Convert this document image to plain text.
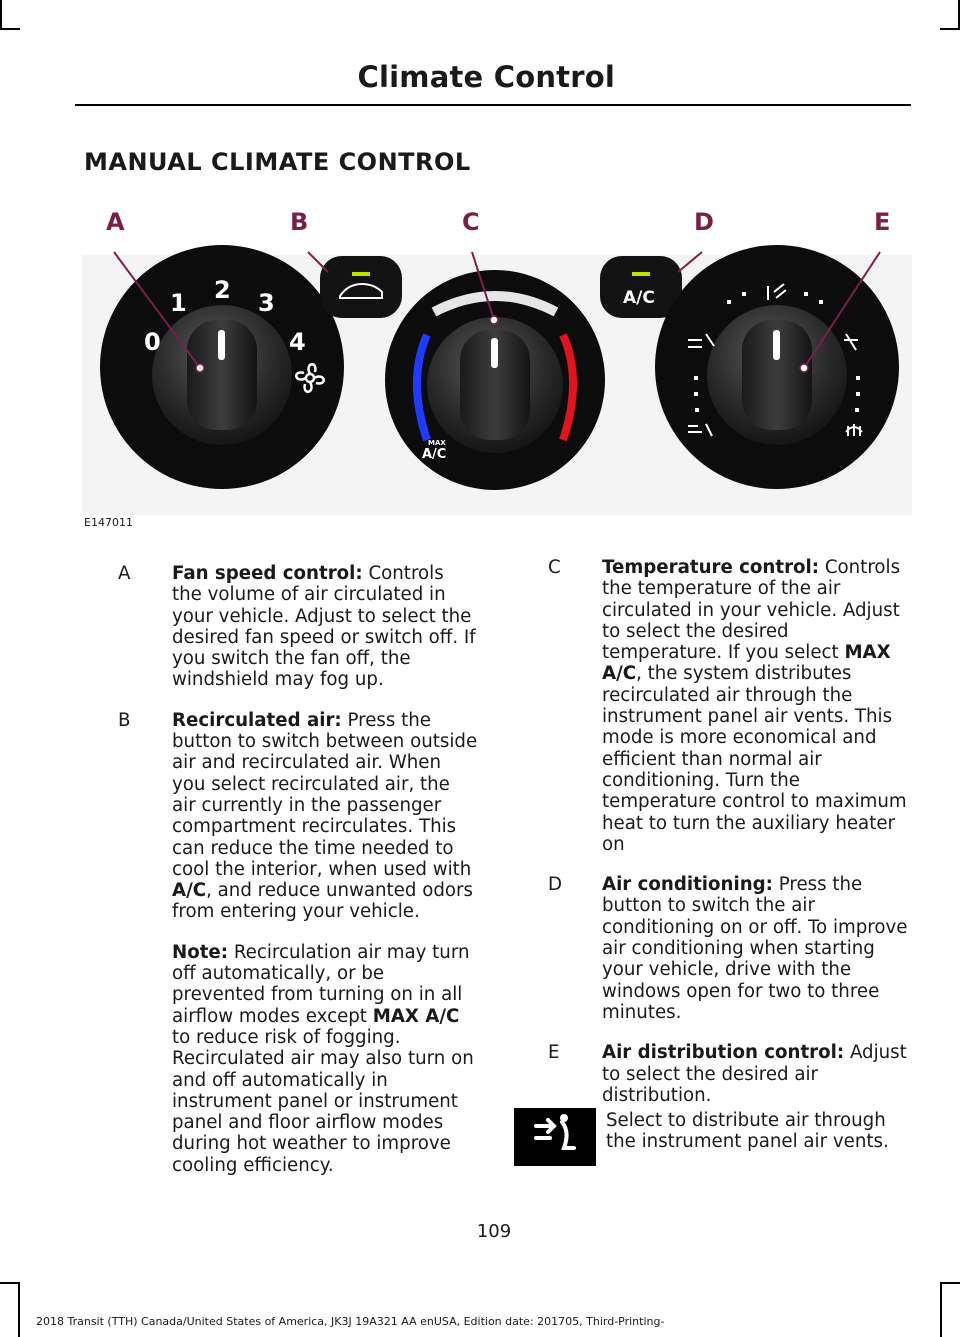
Climate Control
MANUAL CLIMATE CONTROL
0
1 2 3
4
MAX
A/C
A/C
A	B	C	D	E
E147011
A Fan speed control: Controls the volume of air circulated in your vehicle. Adjust to select the desired fan speed or switch off. If you switch the fan off, the windshield may fog up.
B Recirculated air: Press the button to switch between outside air and recirculated air. When you select recirculated air, the air currently in the passenger compartment recirculates. This can reduce the time needed to cool the interior, when used with A/C, and reduce unwanted odors from entering your vehicle.
Note: Recirculation air may turn off automatically, or be prevented from turning on in all airflow modes except MAX A/C to reduce risk of fogging. Recirculated air may also turn on and off automatically in instrument panel or instrument panel and floor airflow modes during hot weather to improve cooling efficiency.
C Temperature control: Controls the temperature of the air circulated in your vehicle. Adjust to select the desired temperature. If you select MAX A/C, the system distributes recirculated air through the instrument panel air vents. This mode is more economical and efficient than normal air conditioning. Turn the temperature control to maximum heat to turn the auxiliary heater on
D Air conditioning: Press the button to switch the air conditioning on or off. To improve air conditioning when starting your vehicle, drive with the windows open for two to three minutes.
E Air distribution control: Adjust to select the desired air distribution.
Select to distribute air through the instrument panel air vents.
109
2018 Transit (TTH) Canada/United States of America, JK3J 19A321 AA enUSA, Edition date: 201705, Third-Printing-
